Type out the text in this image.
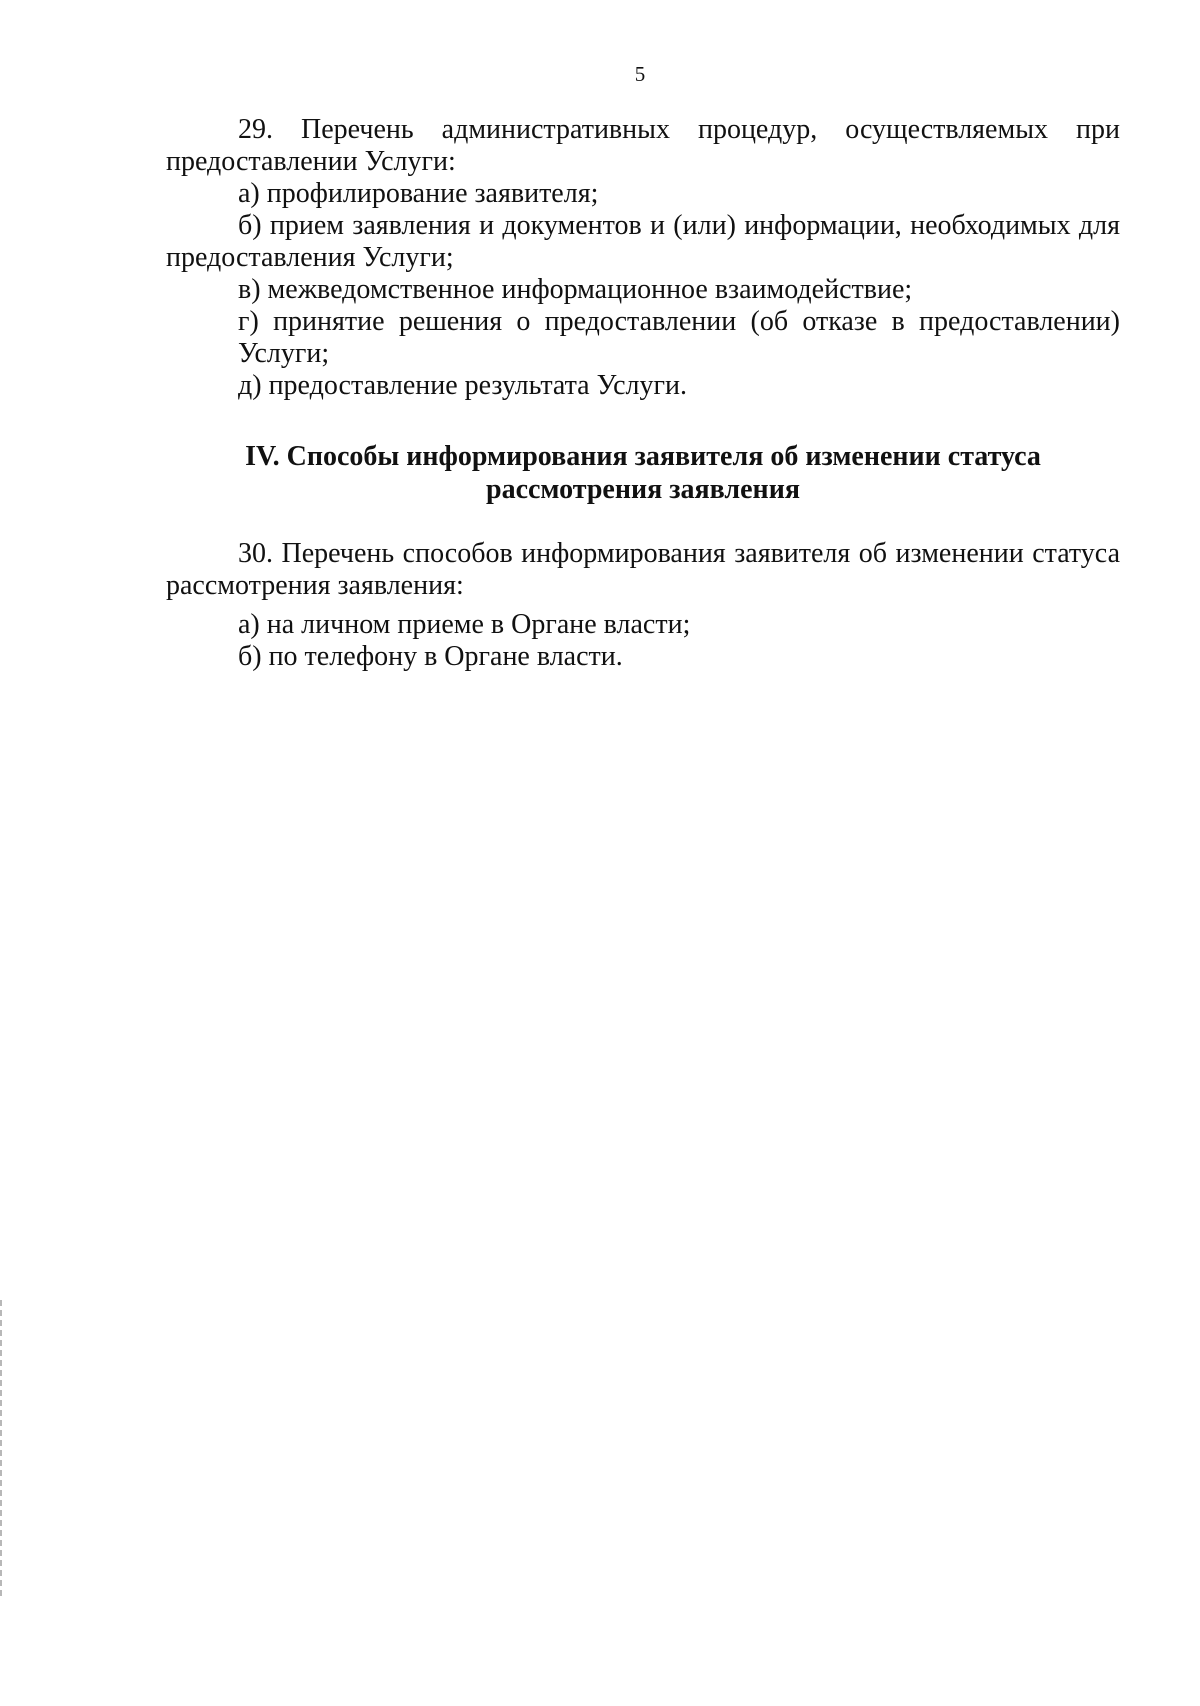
5

29. Перечень административных процедур, осуществляемых при предоставлении Услуги:

а) профилирование заявителя;

б) прием заявления и документов и (или) информации, необходимых для предоставления Услуги;

в) межведомственное информационное взаимодействие;

г) принятие решения о предоставлении (об отказе в предоставлении) Услуги;

д) предоставление результата Услуги.

IV. Способы информирования заявителя об изменении статуса
рассмотрения заявления

30. Перечень способов информирования заявителя об изменении статуса рассмотрения заявления:

а) на личном приеме в Органе власти;

б) по телефону в Органе власти.
